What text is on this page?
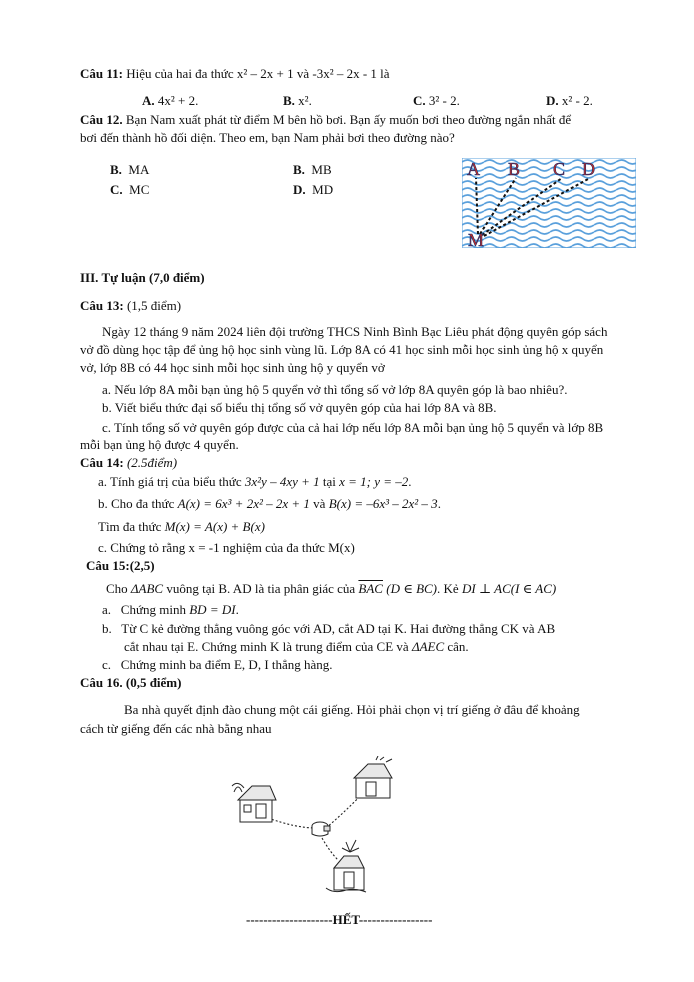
Câu 11: Hiệu của hai đa thức x² – 2x + 1 và -3x² – 2x - 1 là
A. 4x² + 2.	B. x².	C. 3² - 2.	D. x² - 2.
Câu 12. Bạn Nam xuất phát từ điểm M bên hồ bơi. Bạn ấy muốn bơi theo đường ngắn nhất để
bơi đến thành hồ đối diện. Theo em, bạn Nam phải bơi theo đường nào?
B. MA	B. MB
C. MC	D. MD
A B C D
M
III. Tự luận (7,0 điểm)
Câu 13: (1,5 điểm)
Ngày 12 tháng 9 năm 2024 liên đội trường THCS Ninh Bình Bạc Liêu phát động quyên góp sách
vở đồ dùng học tập để ủng hộ học sinh vùng lũ. Lớp 8A có 41 học sinh mỗi học sinh ủng hộ x quyển
vở, lớp 8B có 44 học sinh mỗi học sinh ủng hộ y quyển vở
a. Nếu lớp 8A mỗi bạn ủng hộ 5 quyển vở thì tổng số vở lớp 8A quyên góp là bao nhiêu?.
b. Viết biểu thức đại số biểu thị tổng số vở quyên góp của hai lớp 8A và 8B.
c. Tính tổng số vở quyên góp được của cả hai lớp nếu lớp 8A mỗi bạn ủng hộ 5 quyển và lớp 8B
mỗi bạn ủng hộ được 4 quyển.
Câu 14: (2.5điểm)
a. Tính giá trị của biểu thức 3x²y – 4xy + 1 tại x = 1; y = –2.
b. Cho đa thức A(x) = 6x³ + 2x² – 2x + 1 và B(x) = –6x³ – 2x² – 3.
Tìm đa thức M(x) = A(x) + B(x)
c. Chứng tỏ rằng x = -1 nghiệm của đa thức M(x)
Câu 15:(2,5)
Cho ΔABC vuông tại B. AD là tia phân giác của $\overline{BAC}$ (D ∈ BC). Kẻ DI ⊥ AC(I ∈ AC)
a. Chứng minh BD = DI.
b. Từ C kẻ đường thẳng vuông góc với AD, cắt AD tại K. Hai đường thẳng CK và AB
cắt nhau tại E. Chứng minh K là trung điểm của CE và ΔAEC cân.
c. Chứng minh ba điểm E, D, I thẳng hàng.
Câu 16. (0,5 điểm)
Ba nhà quyết định đào chung một cái giếng. Hỏi phải chọn vị trí giếng ở đâu để khoảng
cách từ giếng đến các nhà bằng nhau
--------------------HẾT-----------------
